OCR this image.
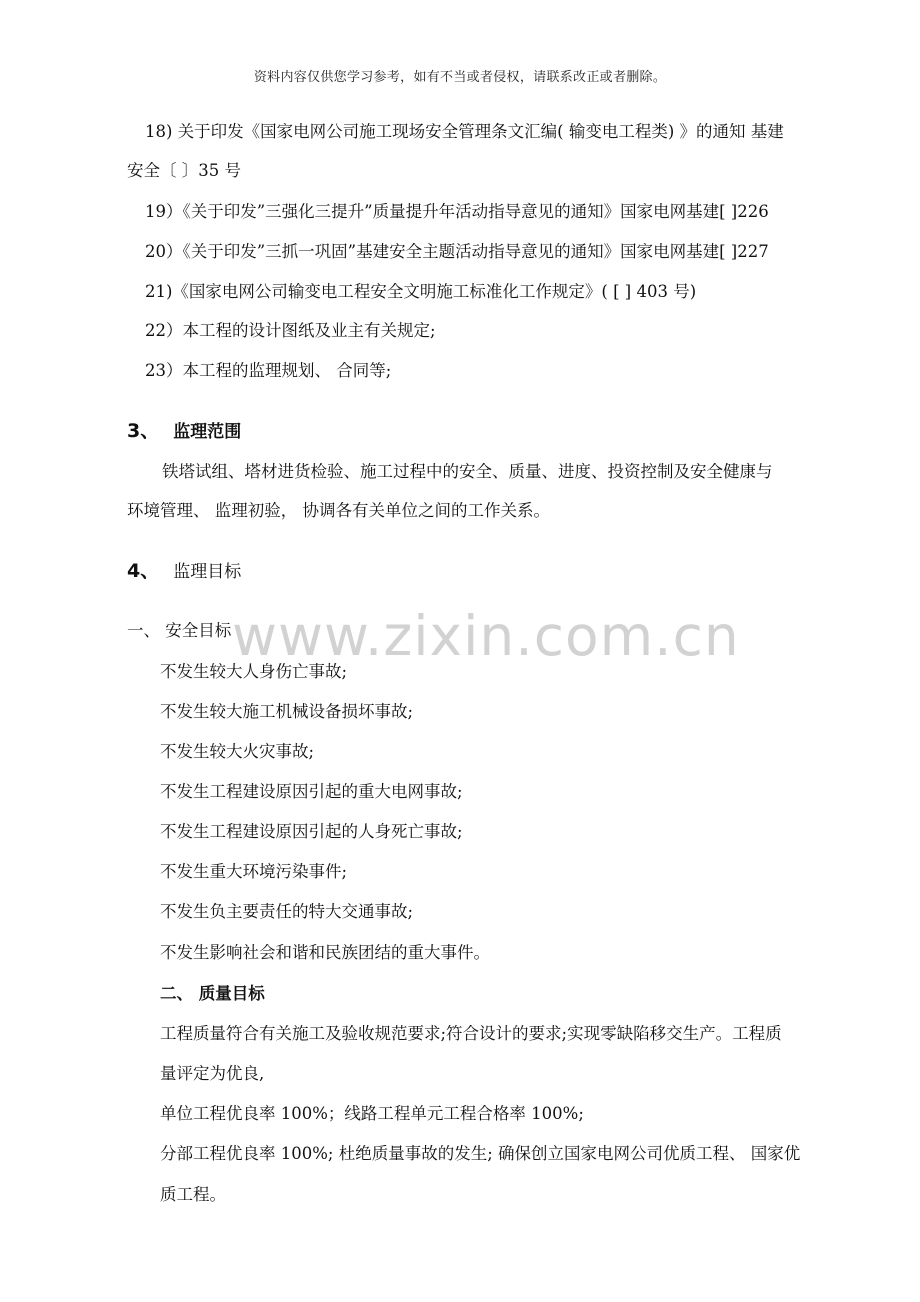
资料内容仅供您学习参考，如有不当或者侵权，请联系改正或者删除。
18) 关于印发《国家电网公司施工现场安全管理条文汇编( 输变电工程类) 》的通知 基建
安全〔 〕35 号
19）《关于印发”三强化三提升”质量提升年活动指导意见的通知》国家电网基建[ ]226
20）《关于印发”三抓一巩固”基建安全主题活动指导意见的通知》国家电网基建[ ]227
21)《国家电网公司输变电工程安全文明施工标准化工作规定》( [ ] 403 号)
22）本工程的设计图纸及业主有关规定;
23）本工程的监理规划、 合同等;
3、 监理范围
铁塔试组、塔材进货检验、施工过程中的安全、质量、进度、投资控制及安全健康与
环境管理、 监理初验， 协调各有关单位之间的工作关系。
4、 监理目标
www.zixin.com.cn
一、 安全目标
不发生较大人身伤亡事故;
不发生较大施工机械设备损坏事故;
不发生较大火灾事故;
不发生工程建设原因引起的重大电网事故;
不发生工程建设原因引起的人身死亡事故;
不发生重大环境污染事件;
不发生负主要责任的特大交通事故;
不发生影响社会和谐和民族团结的重大事件。
二、 质量目标
工程质量符合有关施工及验收规范要求;符合设计的要求;实现零缺陷移交生产。工程质
量评定为优良,
单位工程优良率 100%；线路工程单元工程合格率 100%;
分部工程优良率 100%; 杜绝质量事故的发生; 确保创立国家电网公司优质工程、 国家优
质工程。
